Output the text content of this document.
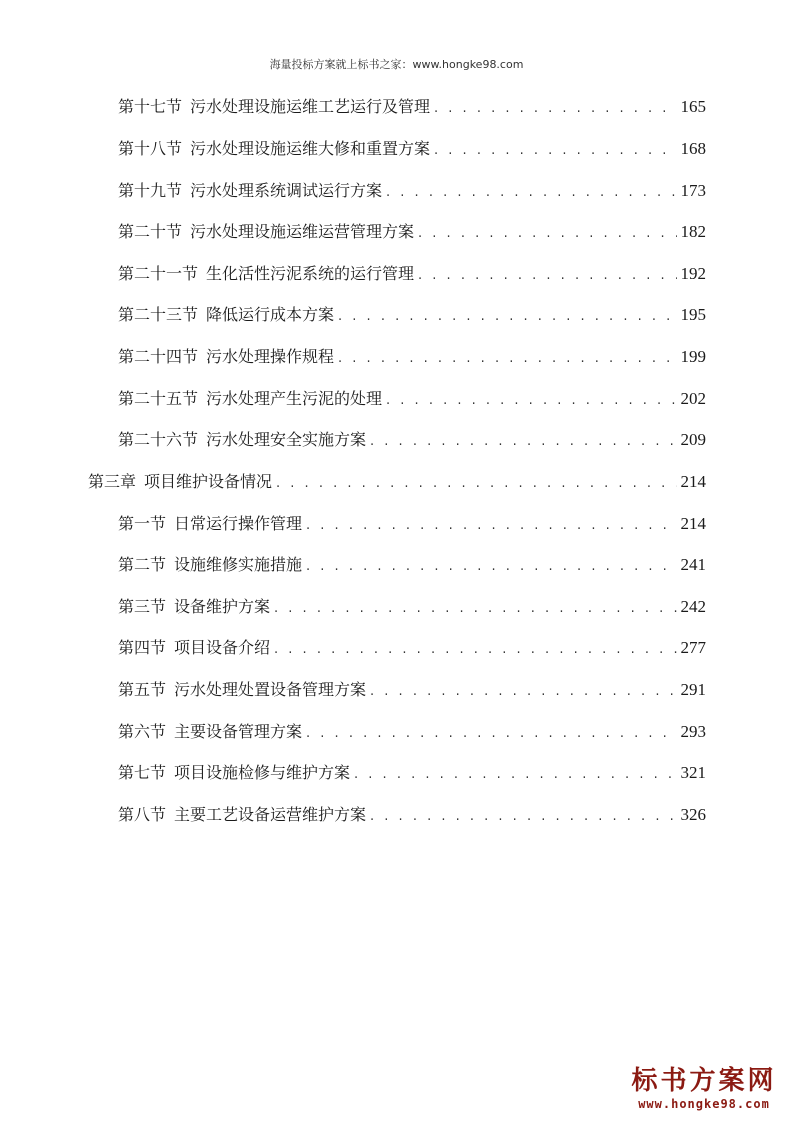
海量投标方案就上标书之家：www.hongke98.com
第十七节 污水处理设施运维工艺运行及管理 . . .	165
第十八节 污水处理设施运维大修和重置方案 . . .	168
第十九节 污水处理系统调试运行方案 . . .	173
第二十节 污水处理设施运维运营管理方案 . . .	182
第二十一节 生化活性污泥系统的运行管理 . . .	192
第二十三节 降低运行成本方案 . . .	195
第二十四节 污水处理操作规程 . . .	199
第二十五节 污水处理产生污泥的处理 . . .	202
第二十六节 污水处理安全实施方案 . . .	209
第三章 项目维护设备情况 . . .	214
第一节 日常运行操作管理 . . .	214
第二节 设施维修实施措施 . . .	241
第三节 设备维护方案 . . .	242
第四节 项目设备介绍 . . .	277
第五节 污水处理处置设备管理方案 . . .	291
第六节 主要设备管理方案 . . .	293
第七节 项目设施检修与维护方案 . . .	321
第八节 主要工艺设备运营维护方案 . . .	326
标书方案网
www.hongke98.com
